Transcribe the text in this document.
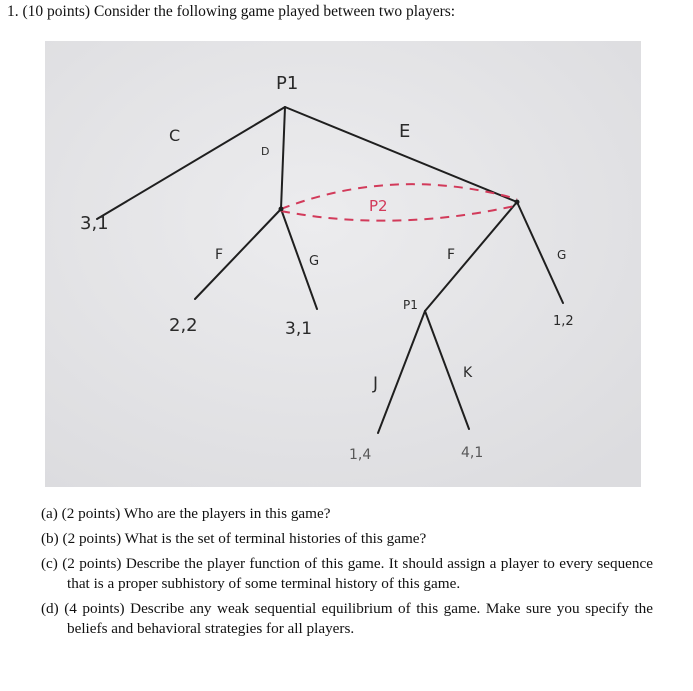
1. (10 points) Consider the following game played between two players:
P1
P2
P1
C
D
E
F	G	F	G
J
K
3,1
2,2	3,1	1,2
1,4	4,1
(a) (2 points) Who are the players in this game?
(b) (2 points) What is the set of terminal histories of this game?
(c) (2 points) Describe the player function of this game. It should assign a player to every sequence that is a proper subhistory of some terminal history of this game.
(d) (4 points) Describe any weak sequential equilibrium of this game. Make sure you specify the beliefs and behavioral strategies for all players.
